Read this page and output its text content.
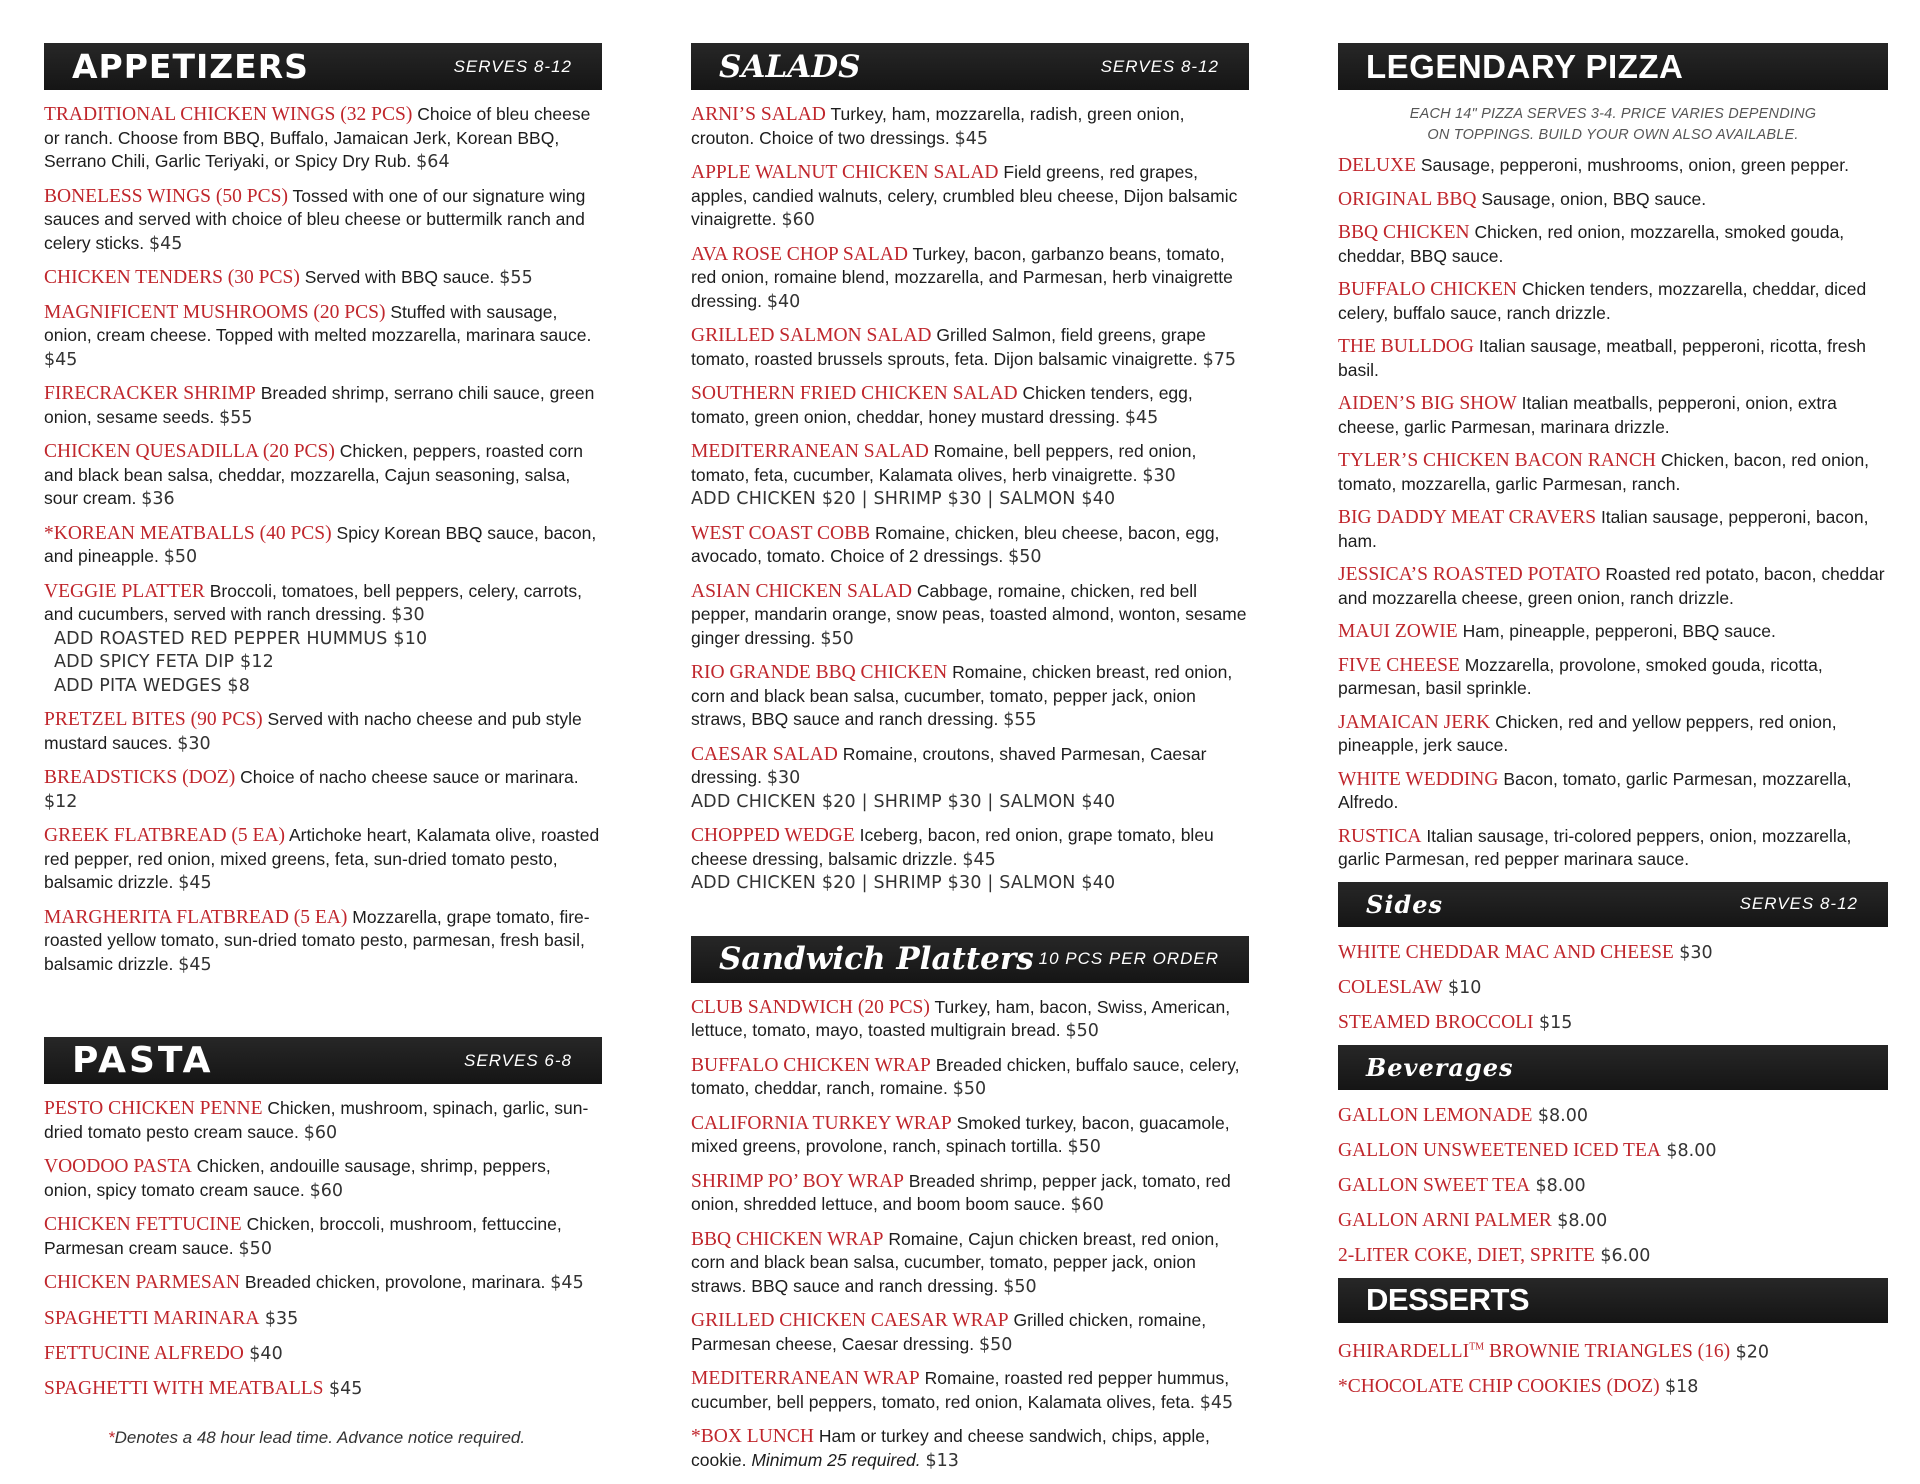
APPETIZERS	SERVES 8-12
TRADITIONAL CHICKEN WINGS (32 PCS) Choice of bleu cheese or ranch. Choose from BBQ, Buffalo, Jamaican Jerk, Korean BBQ, Serrano Chili, Garlic Teriyaki, or Spicy Dry Rub. $64
BONELESS WINGS (50 PCS) Tossed with one of our signature wing sauces and served with choice of bleu cheese or buttermilk ranch and celery sticks. $45
CHICKEN TENDERS (30 PCS) Served with BBQ sauce. $55
MAGNIFICENT MUSHROOMS (20 PCS) Stuffed with sausage, onion, cream cheese. Topped with melted mozzarella, marinara sauce. $45
FIRECRACKER SHRIMP Breaded shrimp, serrano chili sauce, green onion, sesame seeds. $55
CHICKEN QUESADILLA (20 PCS) Chicken, peppers, roasted corn and black bean salsa, cheddar, mozzarella, Cajun seasoning, salsa, sour cream. $36
*KOREAN MEATBALLS (40 PCS) Spicy Korean BBQ sauce, bacon, and pineapple. $50
VEGGIE PLATTER Broccoli, tomatoes, bell peppers, celery, carrots, and cucumbers, served with ranch dressing. $30
ADD ROASTED RED PEPPER HUMMUS $10
ADD SPICY FETA DIP $12
ADD PITA WEDGES $8
PRETZEL BITES (90 PCS) Served with nacho cheese and pub style mustard sauces. $30
BREADSTICKS (DOZ) Choice of nacho cheese sauce or marinara. $12
GREEK FLATBREAD (5 EA) Artichoke heart, Kalamata olive, roasted red pepper, red onion, mixed greens, feta, sun-dried tomato pesto, balsamic drizzle. $45
MARGHERITA FLATBREAD (5 EA) Mozzarella, grape tomato, fire-roasted yellow tomato, sun-dried tomato pesto, parmesan, fresh basil, balsamic drizzle. $45
PASTA	SERVES 6-8
PESTO CHICKEN PENNE Chicken, mushroom, spinach, garlic, sun-dried tomato pesto cream sauce. $60
VOODOO PASTA Chicken, andouille sausage, shrimp, peppers, onion, spicy tomato cream sauce. $60
CHICKEN FETTUCINE Chicken, broccoli, mushroom, fettuccine, Parmesan cream sauce. $50
CHICKEN PARMESAN Breaded chicken, provolone, marinara. $45
SPAGHETTI MARINARA $35
FETTUCINE ALFREDO $40
SPAGHETTI WITH MEATBALLS $45
*Denotes a 48 hour lead time. Advance notice required.
SALADS	SERVES 8-12
ARNI’S SALAD Turkey, ham, mozzarella, radish, green onion, crouton. Choice of two dressings. $45
APPLE WALNUT CHICKEN SALAD Field greens, red grapes, apples, candied walnuts, celery, crumbled bleu cheese, Dijon balsamic vinaigrette. $60
AVA ROSE CHOP SALAD Turkey, bacon, garbanzo beans, tomato, red onion, romaine blend, mozzarella, and Parmesan, herb vinaigrette dressing. $40
GRILLED SALMON SALAD Grilled Salmon, field greens, grape tomato, roasted brussels sprouts, feta. Dijon balsamic vinaigrette. $75
SOUTHERN FRIED CHICKEN SALAD Chicken tenders, egg, tomato, green onion, cheddar, honey mustard dressing. $45
MEDITERRANEAN SALAD Romaine, bell peppers, red onion, tomato, feta, cucumber, Kalamata olives, herb vinaigrette. $30
ADD CHICKEN $20 | SHRIMP $30 | SALMON $40
WEST COAST COBB Romaine, chicken, bleu cheese, bacon, egg, avocado, tomato. Choice of 2 dressings. $50
ASIAN CHICKEN SALAD Cabbage, romaine, chicken, red bell pepper, mandarin orange, snow peas, toasted almond, wonton, sesame ginger dressing. $50
RIO GRANDE BBQ CHICKEN Romaine, chicken breast, red onion, corn and black bean salsa, cucumber, tomato, pepper jack, onion straws, BBQ sauce and ranch dressing. $55
CAESAR SALAD Romaine, croutons, shaved Parmesan, Caesar dressing. $30
ADD CHICKEN $20 | SHRIMP $30 | SALMON $40
CHOPPED WEDGE Iceberg, bacon, red onion, grape tomato, bleu cheese dressing, balsamic drizzle. $45
ADD CHICKEN $20 | SHRIMP $30 | SALMON $40
Sandwich Platters 10 PCS PER ORDER
CLUB SANDWICH (20 PCS) Turkey, ham, bacon, Swiss, American, lettuce, tomato, mayo, toasted multigrain bread. $50
BUFFALO CHICKEN WRAP Breaded chicken, buffalo sauce, celery, tomato, cheddar, ranch, romaine. $50
CALIFORNIA TURKEY WRAP Smoked turkey, bacon, guacamole, mixed greens, provolone, ranch, spinach tortilla. $50
SHRIMP PO’ BOY WRAP Breaded shrimp, pepper jack, tomato, red onion, shredded lettuce, and boom boom sauce. $60
BBQ CHICKEN WRAP Romaine, Cajun chicken breast, red onion, corn and black bean salsa, cucumber, tomato, pepper jack, onion straws. BBQ sauce and ranch dressing. $50
GRILLED CHICKEN CAESAR WRAP Grilled chicken, romaine, Parmesan cheese, Caesar dressing. $50
MEDITERRANEAN WRAP Romaine, roasted red pepper hummus, cucumber, bell peppers, tomato, red onion, Kalamata olives, feta. $45
*BOX LUNCH Ham or turkey and cheese sandwich, chips, apple, cookie. Minimum 25 required. $13
LEGENDARY PIZZA
EACH 14" PIZZA SERVES 3-4. PRICE VARIES DEPENDING
ON TOPPINGS. BUILD YOUR OWN ALSO AVAILABLE.
DELUXE Sausage, pepperoni, mushrooms, onion, green pepper.
ORIGINAL BBQ Sausage, onion, BBQ sauce.
BBQ CHICKEN Chicken, red onion, mozzarella, smoked gouda, cheddar, BBQ sauce.
BUFFALO CHICKEN Chicken tenders, mozzarella, cheddar, diced celery, buffalo sauce, ranch drizzle.
THE BULLDOG Italian sausage, meatball, pepperoni, ricotta, fresh basil.
AIDEN’S BIG SHOW Italian meatballs, pepperoni, onion, extra cheese, garlic Parmesan, marinara drizzle.
TYLER’S CHICKEN BACON RANCH Chicken, bacon, red onion, tomato, mozzarella, garlic Parmesan, ranch.
BIG DADDY MEAT CRAVERS Italian sausage, pepperoni, bacon, ham.
JESSICA’S ROASTED POTATO Roasted red potato, bacon, cheddar and mozzarella cheese, green onion, ranch drizzle.
MAUI ZOWIE Ham, pineapple, pepperoni, BBQ sauce.
FIVE CHEESE Mozzarella, provolone, smoked gouda, ricotta, parmesan, basil sprinkle.
JAMAICAN JERK Chicken, red and yellow peppers, red onion, pineapple, jerk sauce.
WHITE WEDDING Bacon, tomato, garlic Parmesan, mozzarella, Alfredo.
RUSTICA Italian sausage, tri-colored peppers, onion, mozzarella, garlic Parmesan, red pepper marinara sauce.
Sides	SERVES 8-12
WHITE CHEDDAR MAC AND CHEESE $30
COLESLAW $10
STEAMED BROCCOLI $15
Beverages
GALLON LEMONADE $8.00
GALLON UNSWEETENED ICED TEA $8.00
GALLON SWEET TEA $8.00
GALLON ARNI PALMER $8.00
2-LITER COKE, DIET, SPRITE $6.00
DESSERTS
GHIRARDELLI™ BROWNIE TRIANGLES (16) $20
*CHOCOLATE CHIP COOKIES (DOZ) $18
